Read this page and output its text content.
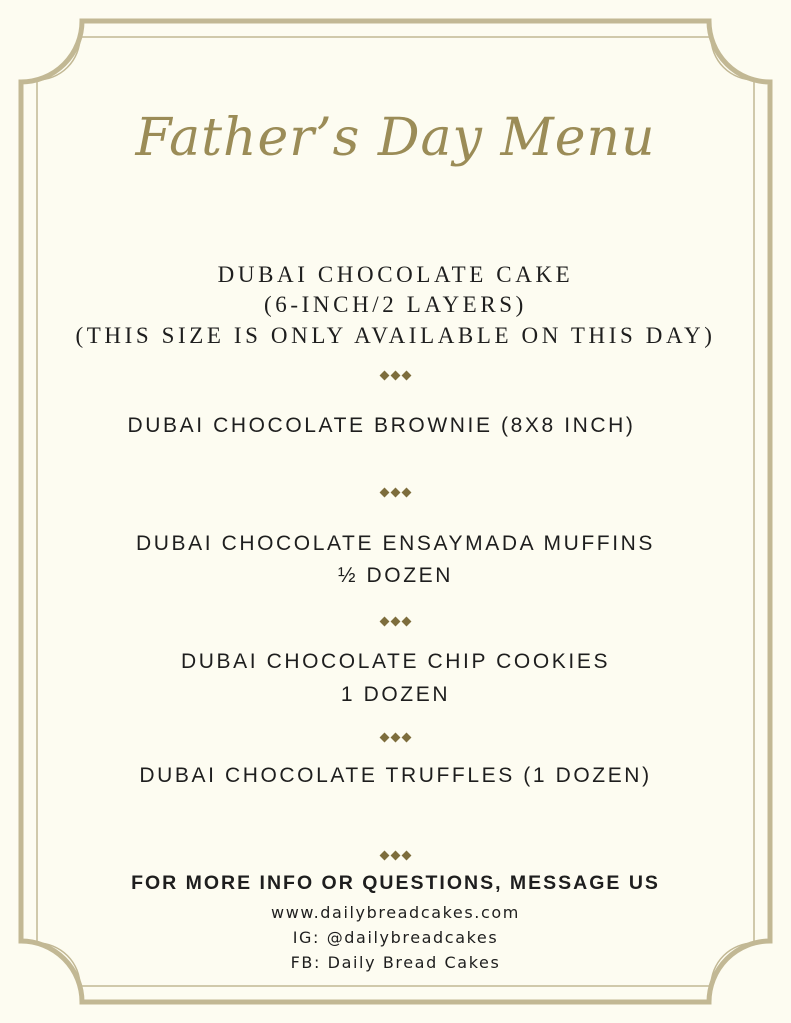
Father’s Day Menu
DUBAI CHOCOLATE CAKE
(6-INCH/2 LAYERS)
(THIS SIZE IS ONLY AVAILABLE ON THIS DAY)
DUBAI CHOCOLATE BROWNIE (8X8 INCH)
DUBAI CHOCOLATE ENSAYMADA MUFFINS
½ DOZEN
DUBAI CHOCOLATE CHIP COOKIES
1 DOZEN
DUBAI CHOCOLATE TRUFFLES (1 DOZEN)
FOR MORE INFO OR QUESTIONS, MESSAGE US
www.dailybreadcakes.com
IG: @dailybreadcakes
FB: Daily Bread Cakes
